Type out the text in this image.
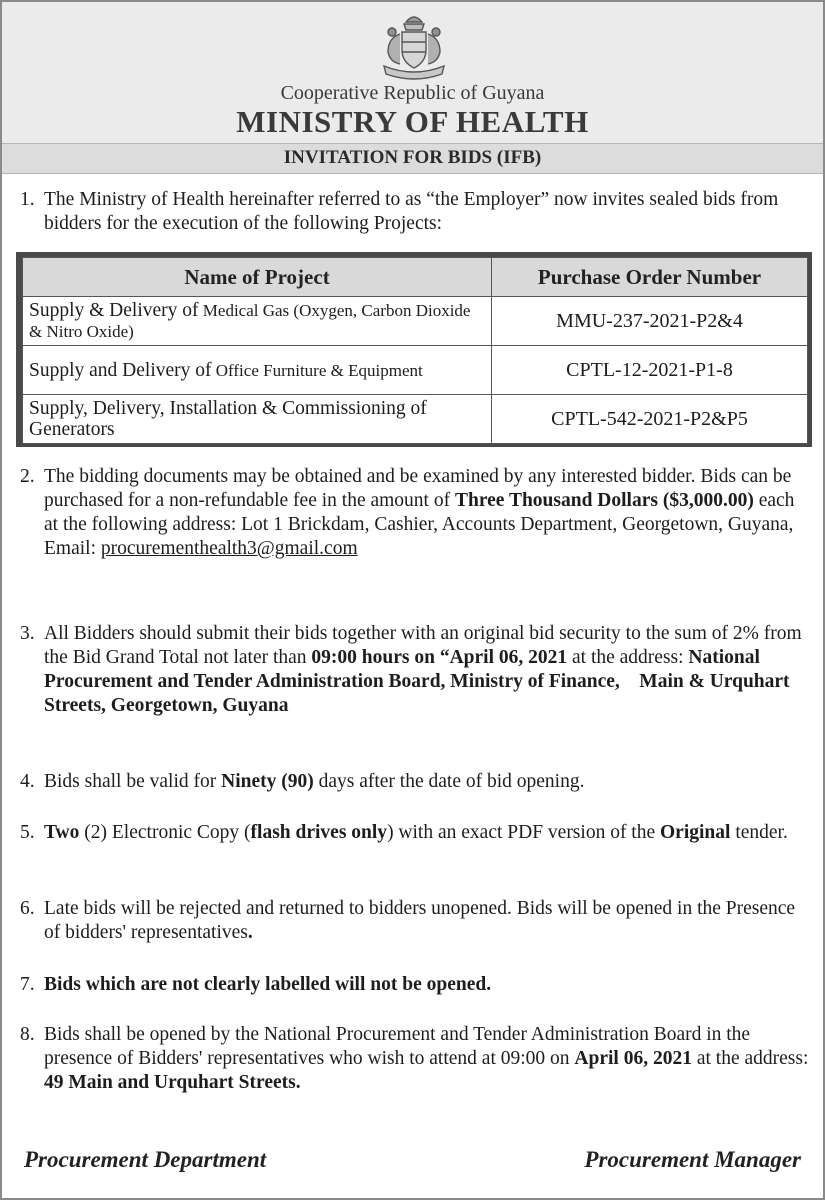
Cooperative Republic of Guyana
MINISTRY OF HEALTH
INVITATION FOR BIDS (IFB)
1. The Ministry of Health hereinafter referred to as “the Employer” now invites sealed bids from bidders for the execution of the following Projects:
Name of Project	Purchase Order Number
Supply & Delivery of Medical Gas (Oxygen, Carbon Dioxide & Nitro Oxide)	MMU-237-2021-P2&4
Supply and Delivery of Office Furniture & Equipment	CPTL-12-2021-P1-8
Supply, Delivery, Installation & Commissioning of Generators	CPTL-542-2021-P2&P5
2. The bidding documents may be obtained and be examined by any interested bidder. Bids can be purchased for a non-refundable fee in the amount of Three Thousand Dollars ($3,000.00) each at the following address: Lot 1 Brickdam, Cashier, Accounts Department, Georgetown, Guyana,
Email: procurementhealth3@gmail.com
3. All Bidders should submit their bids together with an original bid security to the sum of 2% from the Bid Grand Total not later than 09:00 hours on “April 06, 2021 at the address: National Procurement and Tender Administration Board, Ministry of Finance,    Main & Urquhart Streets, Georgetown, Guyana
4. Bids shall be valid for Ninety (90) days after the date of bid opening.
5. Two (2) Electronic Copy (flash drives only) with an exact PDF version of the Original tender.
6. Late bids will be rejected and returned to bidders unopened. Bids will be opened in the Presence of bidders' representatives.
7. Bids which are not clearly labelled will not be opened.
8. Bids shall be opened by the National Procurement and Tender Administration Board in the presence of Bidders' representatives who wish to attend at 09:00 on April 06, 2021 at the address: 49 Main and Urquhart Streets.
Procurement Department	Procurement Manager
